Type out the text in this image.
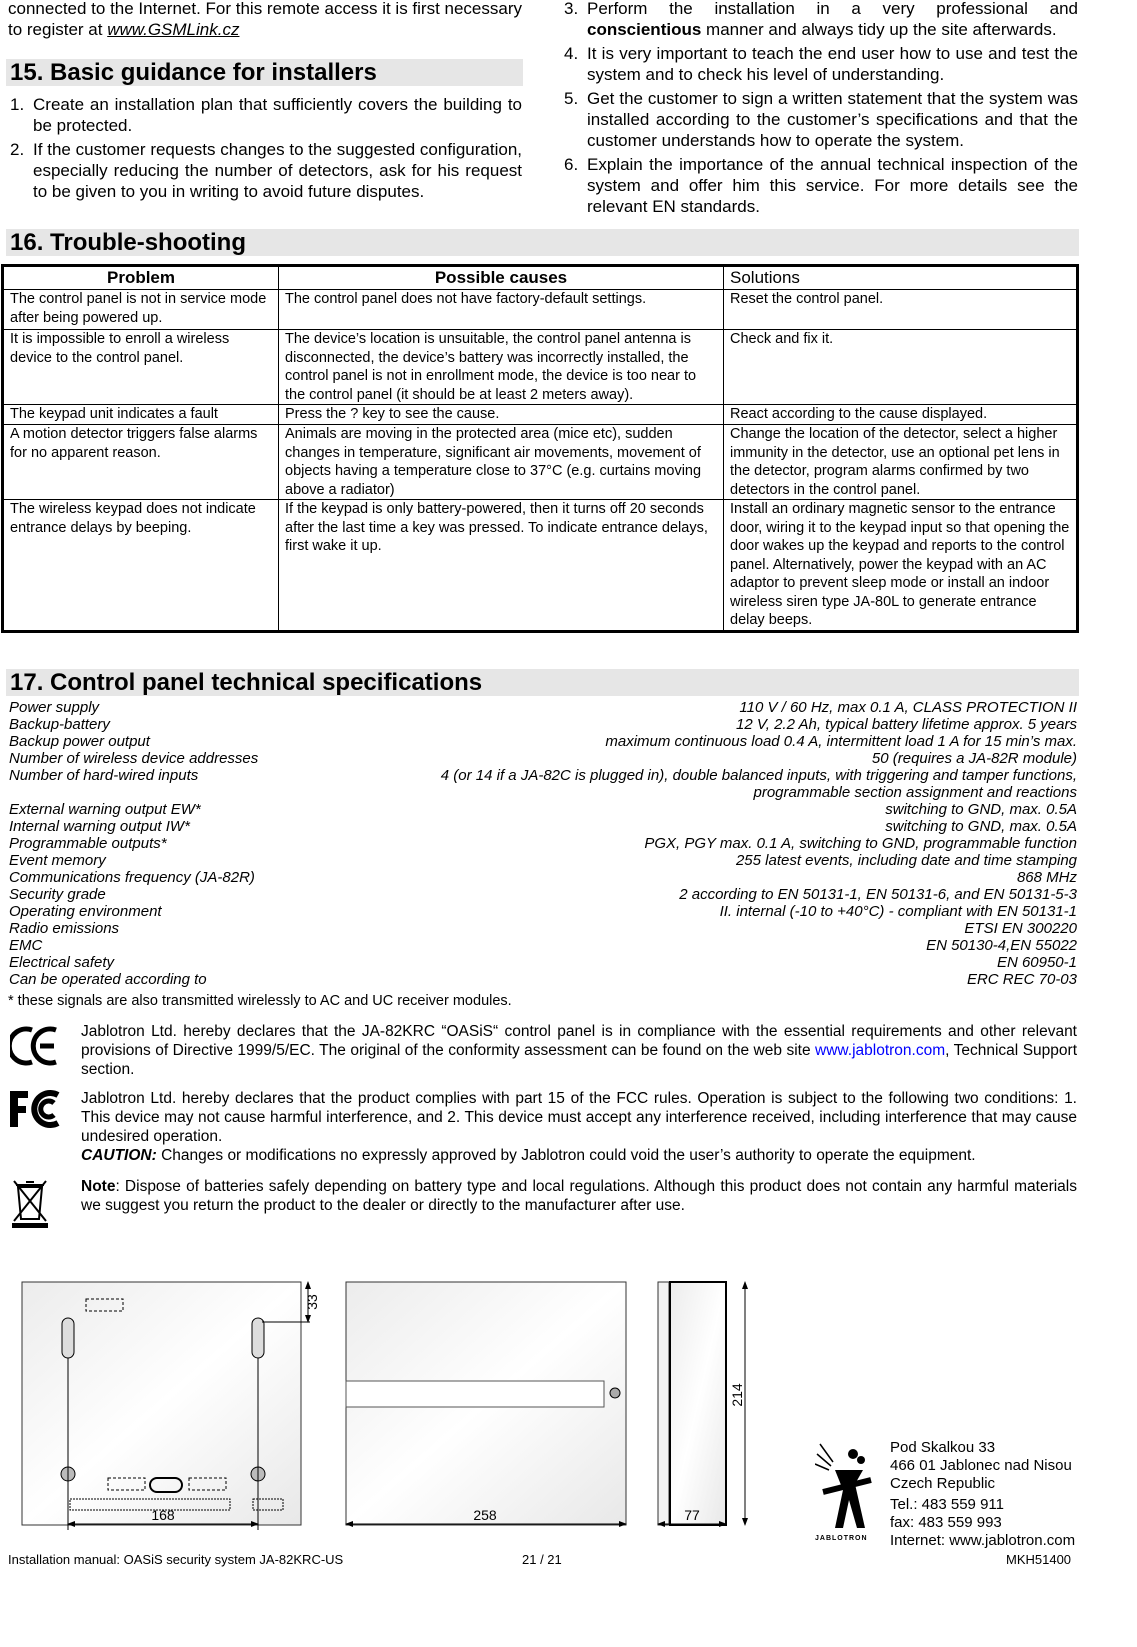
connected to the Internet. For this remote access it is first necessary to register at www.GSMLink.cz
15. Basic guidance for installers
1. Create an installation plan that sufficiently covers the building to be protected.
2. If the customer requests changes to the suggested configuration, especially reducing the number of detectors, ask for his request to be given to you in writing to avoid future disputes.
3. Perform the installation in a very professional and conscientious manner and always tidy up the site afterwards.
4. It is very important to teach the end user how to use and test the system and to check his level of understanding.
5. Get the customer to sign a written statement that the system was installed according to the customer’s specifications and that the customer understands how to operate the system.
6. Explain the importance of the annual technical inspection of the system and offer him this service. For more details see the relevant EN standards.
16. Trouble-shooting
Problem	Possible causes	Solutions
The control panel is not in service mode after being powered up.	The control panel does not have factory-default settings.	Reset the control panel.
It is impossible to enroll a wireless device to the control panel.	The device’s location is unsuitable, the control panel antenna is disconnected, the device’s battery was incorrectly installed, the control panel is not in enrollment mode, the device is too near to the control panel (it should be at least 2 meters away).	Check and fix it.
The keypad unit indicates a fault	Press the ? key to see the cause.	React according to the cause displayed.
A motion detector triggers false alarms for no apparent reason.	Animals are moving in the protected area (mice etc), sudden changes in temperature, significant air movements, movement of objects having a temperature close to 37°C (e.g. curtains moving above a radiator)	Change the location of the detector, select a higher immunity in the detector, use an optional pet lens in the detector, program alarms confirmed by two detectors in the control panel.
The wireless keypad does not indicate entrance delays by beeping.	If the keypad is only battery-powered, then it turns off 20 seconds after the last time a key was pressed. To indicate entrance delays, first wake it up.	Install an ordinary magnetic sensor to the entrance door, wiring it to the keypad input so that opening the door wakes up the keypad and reports to the control panel. Alternatively, power the keypad with an AC adaptor to prevent sleep mode or install an indoor wireless siren type JA-80L to generate entrance delay beeps.
17. Control panel technical specifications
Power supply	110 V / 60 Hz, max 0.1 A, CLASS PROTECTION II
Backup-battery	12 V, 2.2 Ah, typical battery lifetime approx. 5 years
Backup power output	maximum continuous load 0.4 A, intermittent load 1 A for 15 min’s max.
Number of wireless device addresses	50 (requires a JA-82R module)
Number of hard-wired inputs	4 (or 14 if a JA-82C is plugged in), double balanced inputs, with triggering and tamper functions, programmable section assignment and reactions
External warning output EW*	switching to GND, max. 0.5A
Internal warning output IW*	switching to GND, max. 0.5A
Programmable outputs*	PGX, PGY max. 0.1 A, switching to GND, programmable function
Event memory	255 latest events, including date and time stamping
Communications frequency (JA-82R)	868 MHz
Security grade	2 according to EN 50131-1, EN 50131-6, and EN 50131-5-3
Operating environment	II. internal (-10 to +40°C) - compliant with EN 50131-1
Radio emissions	ETSI EN 300220
EMC	EN 50130-4,EN 55022
Electrical safety	EN 60950-1
Can be operated according to	ERC REC 70-03
* these signals are also transmitted wirelessly to AC and UC receiver modules.
Jablotron Ltd. hereby declares that the JA-82KRC “OASiS“ control panel is in compliance with the essential requirements and other relevant provisions of Directive 1999/5/EC. The original of the conformity assessment can be found on the web site www.jablotron.com, Technical Support section.
Jablotron Ltd. hereby declares that the product complies with part 15 of the FCC rules. Operation is subject to the following two conditions: 1. This device may not cause harmful interference, and 2. This device must accept any interference received, including interference that may cause undesired operation.
CAUTION: Changes or modifications no expressly approved by Jablotron could void the user’s authority to operate the equipment.
Note: Dispose of batteries safely depending on battery type and local regulations. Although this product does not contain any harmful materials we suggest you return the product to the dealer or directly to the manufacturer after use.
168
33
258	77
214
JABLOTRON
Pod Skalkou 33
466 01 Jablonec nad Nisou
Czech Republic
Tel.: 483 559 911
fax: 483 559 993
Internet: www.jablotron.com
Installation manual: OASiS security system JA-82KRC-US	21 / 21	MKH51400
